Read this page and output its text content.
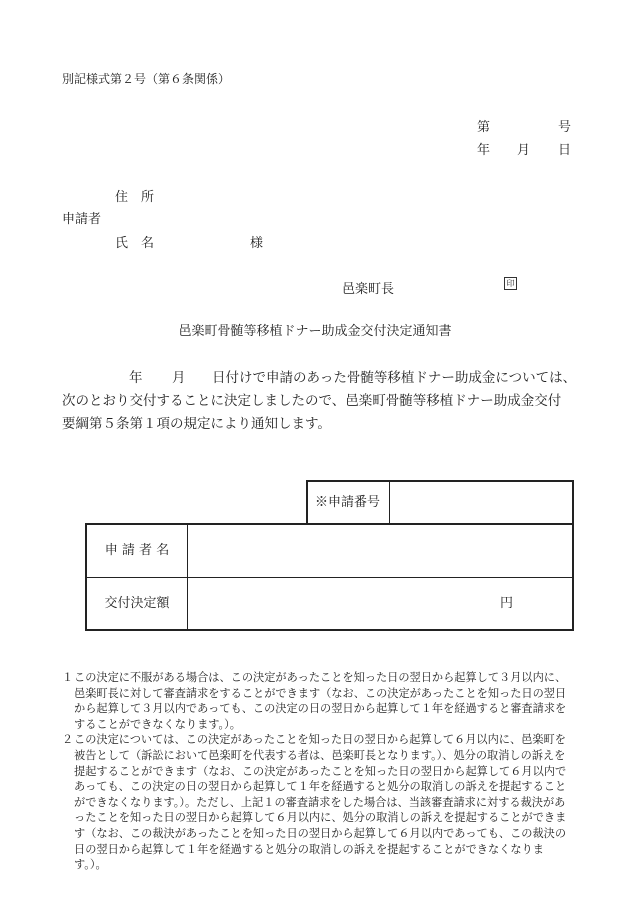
別記様式第２号（第６条関係）
第	号
年 月 日
住　所
申請者
氏　名	様
邑楽町長	印
邑楽町骨髄等移植ドナー助成金交付決定通知書
年 月 日付けで申請のあった骨髄等移植ドナー助成金については、
次のとおり交付することに決定しましたので、邑楽町骨髄等移植ドナー助成金交付
要綱第５条第１項の規定により通知します。
※申請番号
申 請 者 名
交付決定額	円
１ この決定に不服がある場合は、この決定があったことを知った日の翌日から起算して３月以内に、邑楽町長に対して審査請求をすることができます（なお、この決定があったことを知った日の翌日から起算して３月以内であっても、この決定の日の翌日から起算して１年を経過すると審査請求をすることができなくなります。）。
２ この決定については、この決定があったことを知った日の翌日から起算して６月以内に、邑楽町を被告として（訴訟において邑楽町を代表する者は、邑楽町長となります。）、処分の取消しの訴えを提起することができます（なお、この決定があったことを知った日の翌日から起算して６月以内であっても、この決定の日の翌日から起算して１年を経過すると処分の取消しの訴えを提起することができなくなります。）。ただし、上記１の審査請求をした場合は、当該審査請求に対する裁決があったことを知った日の翌日から起算して６月以内に、処分の取消しの訴えを提起することができます（なお、この裁決があったことを知った日の翌日から起算して６月以内であっても、この裁決の日の翌日から起算して１年を経過すると処分の取消しの訴えを提起することができなくなります。）。
